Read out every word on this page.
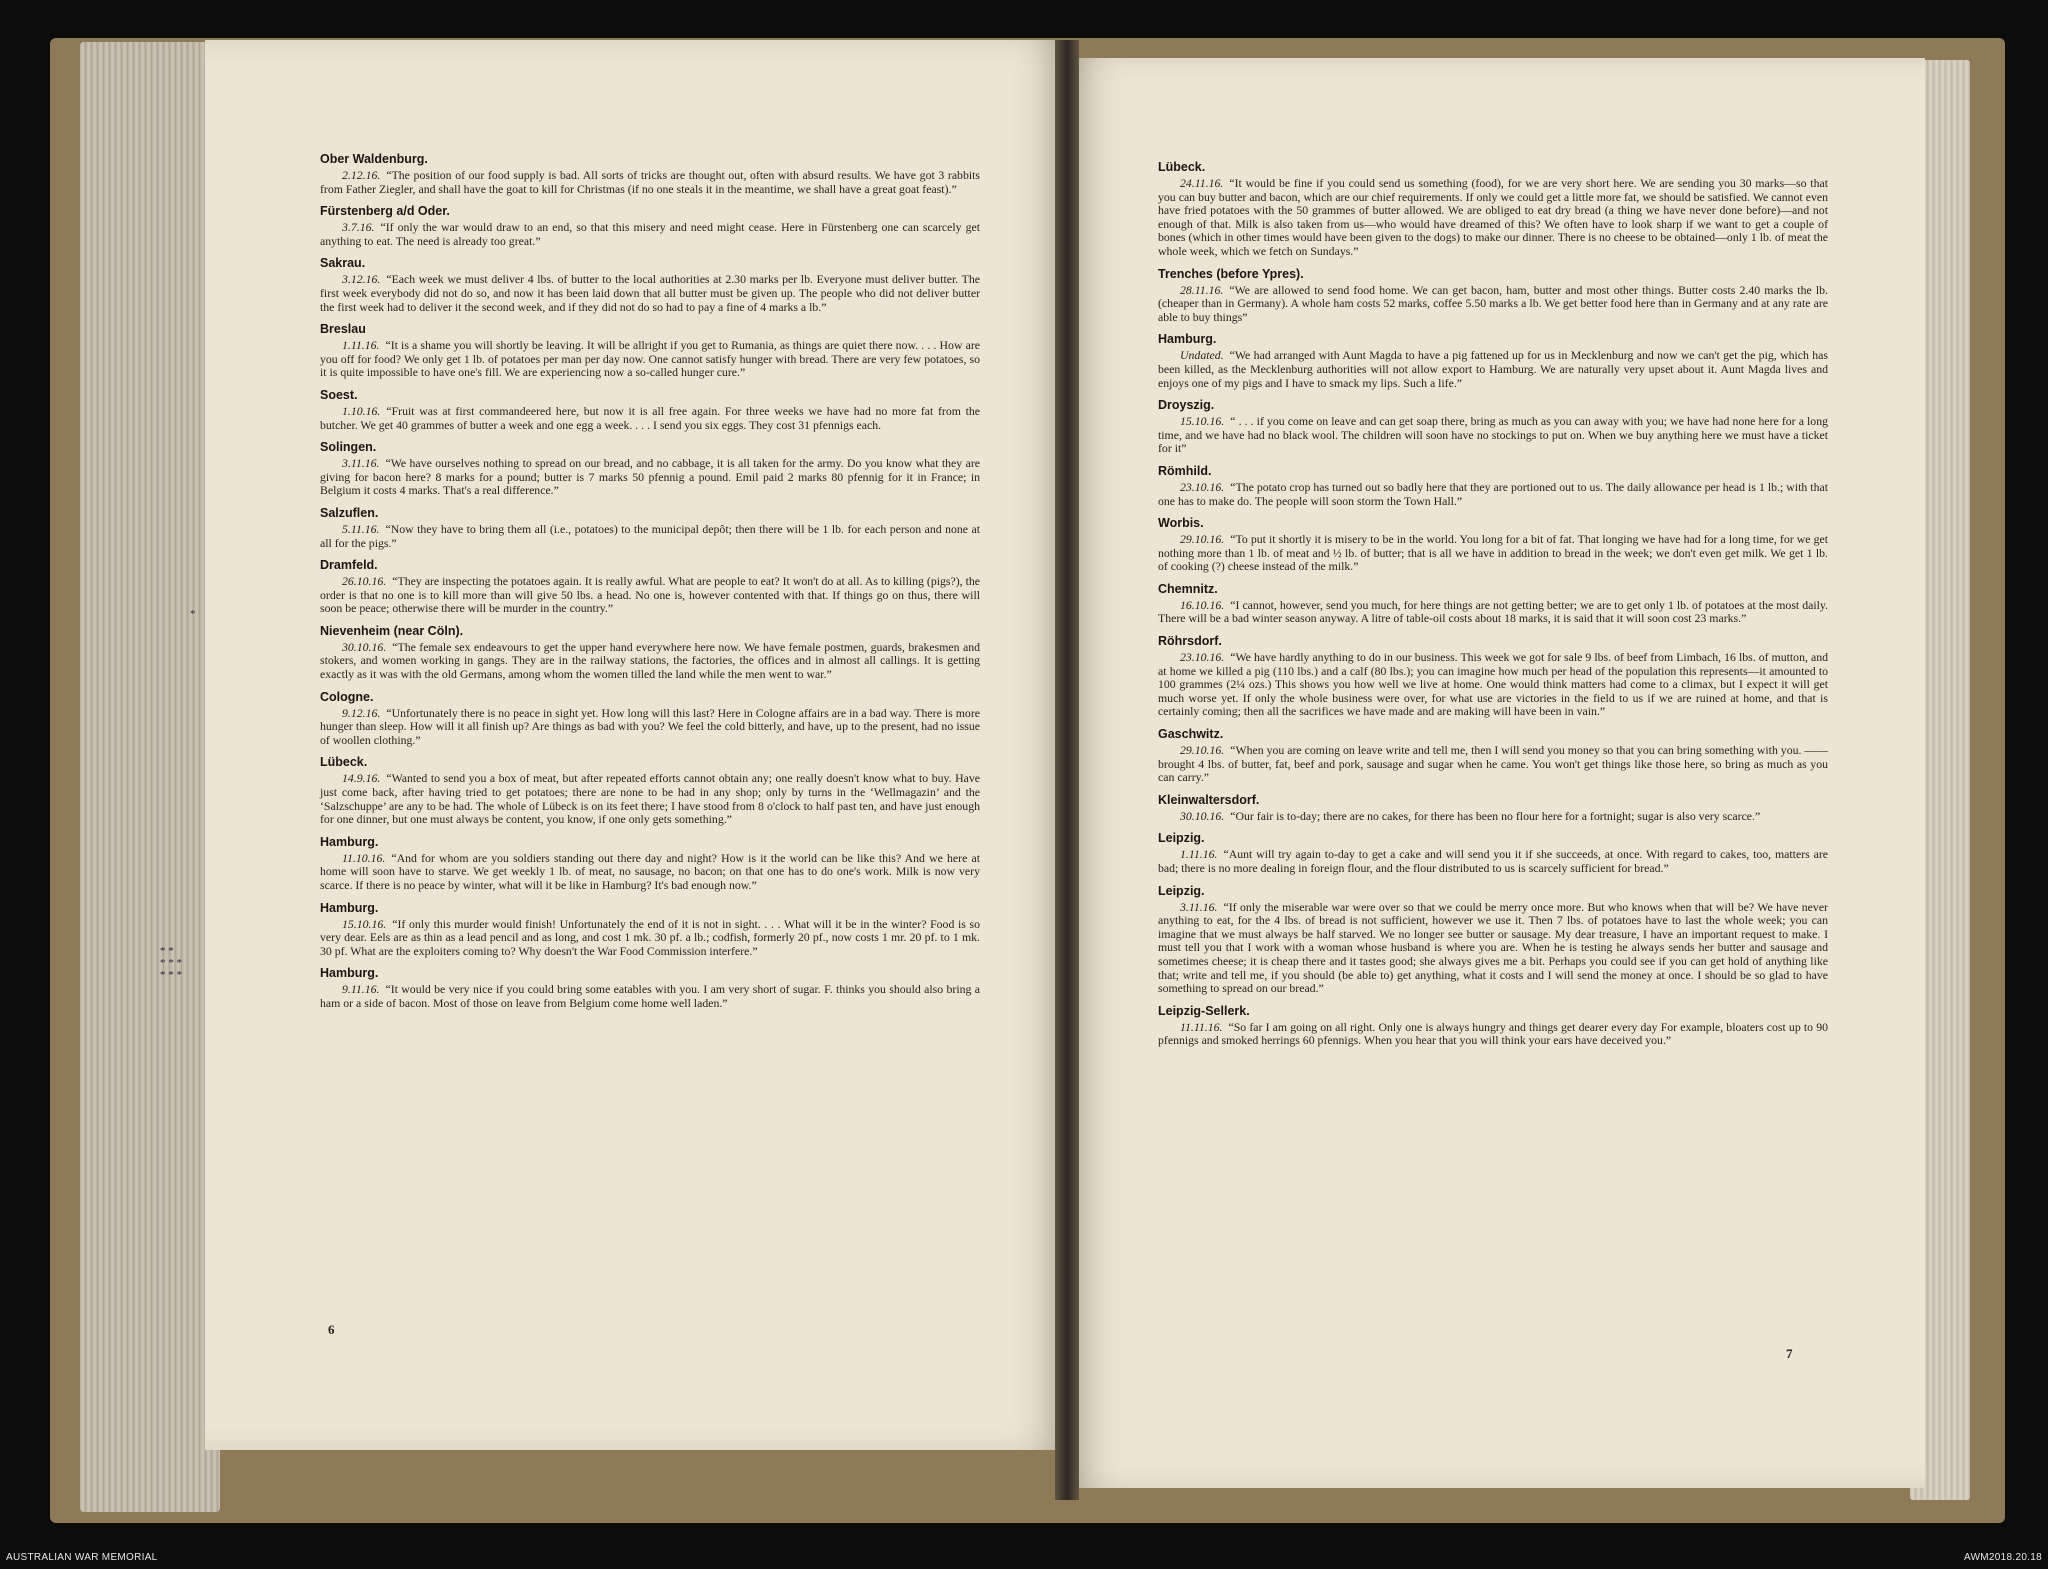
*
* *
* * *
* * *
Ober Waldenburg.

2.12.16. “The position of our food supply is bad. All sorts of tricks are thought out, often with absurd results. We have got 3 rabbits from Father Ziegler, and shall have the goat to kill for Christmas (if no one steals it in the meantime, we shall have a great goat feast).”

Fürstenberg a/d Oder.

3.7.16. “If only the war would draw to an end, so that this misery and need might cease. Here in Fürstenberg one can scarcely get anything to eat. The need is already too great.”

Sakrau.

3.12.16. “Each week we must deliver 4 lbs. of butter to the local authorities at 2.30 marks per lb. Everyone must deliver butter. The first week everybody did not do so, and now it has been laid down that all butter must be given up. The people who did not deliver butter the first week had to deliver it the second week, and if they did not do so had to pay a fine of 4 marks a lb.”

Breslau

1.11.16. “It is a shame you will shortly be leaving. It will be allright if you get to Rumania, as things are quiet there now. . . . How are you off for food? We only get 1 lb. of potatoes per man per day now. One cannot satisfy hunger with bread. There are very few potatoes, so it is quite impossible to have one's fill. We are experiencing now a so-called hunger cure.”

Soest.

1.10.16. “Fruit was at first commandeered here, but now it is all free again. For three weeks we have had no more fat from the butcher. We get 40 grammes of butter a week and one egg a week. . . . I send you six eggs. They cost 31 pfennigs each.

Solingen.

3.11.16. “We have ourselves nothing to spread on our bread, and no cabbage, it is all taken for the army. Do you know what they are giving for bacon here? 8 marks for a pound; butter is 7 marks 50 pfennig a pound. Emil paid 2 marks 80 pfennig for it in France; in Belgium it costs 4 marks. That's a real difference.”

Salzuflen.

5.11.16. “Now they have to bring them all (i.e., potatoes) to the municipal depôt; then there will be 1 lb. for each person and none at all for the pigs.”

Dramfeld.

26.10.16. “They are inspecting the potatoes again. It is really awful. What are people to eat? It won't do at all. As to killing (pigs?), the order is that no one is to kill more than will give 50 lbs. a head. No one is, however contented with that. If things go on thus, there will soon be peace; otherwise there will be murder in the country.”

Nievenheim (near Cöln).

30.10.16. “The female sex endeavours to get the upper hand everywhere here now. We have female postmen, guards, brakesmen and stokers, and women working in gangs. They are in the railway stations, the factories, the offices and in almost all callings. It is getting exactly as it was with the old Germans, among whom the women tilled the land while the men went to war.”

Cologne.

9.12.16. “Unfortunately there is no peace in sight yet. How long will this last? Here in Cologne affairs are in a bad way. There is more hunger than sleep. How will it all finish up? Are things as bad with you? We feel the cold bitterly, and have, up to the present, had no issue of woollen clothing.”

Lübeck.

14.9.16. “Wanted to send you a box of meat, but after repeated efforts cannot obtain any; one really doesn't know what to buy. Have just come back, after having tried to get potatoes; there are none to be had in any shop; only by turns in the ‘Wellmagazin’ and the ‘Salzschuppe’ are any to be had. The whole of Lübeck is on its feet there; I have stood from 8 o'clock to half past ten, and have just enough for one dinner, but one must always be content, you know, if one only gets something.”

Hamburg.

11.10.16. “And for whom are you soldiers standing out there day and night? How is it the world can be like this? And we here at home will soon have to starve. We get weekly 1 lb. of meat, no sausage, no bacon; on that one has to do one's work. Milk is now very scarce. If there is no peace by winter, what will it be like in Hamburg? It's bad enough now.”

Hamburg.

15.10.16. “If only this murder would finish! Unfortunately the end of it is not in sight. . . . What will it be in the winter? Food is so very dear. Eels are as thin as a lead pencil and as long, and cost 1 mk. 30 pf. a lb.; codfish, formerly 20 pf., now costs 1 mr. 20 pf. to 1 mk. 30 pf. What are the exploiters coming to? Why doesn't the War Food Commission interfere.”

Hamburg.

9.11.16. “It would be very nice if you could bring some eatables with you. I am very short of sugar. F. thinks you should also bring a ham or a side of bacon. Most of those on leave from Belgium come home well laden.”

Lübeck.

24.11.16. “It would be fine if you could send us something (food), for we are very short here. We are sending you 30 marks—so that you can buy butter and bacon, which are our chief requirements. If only we could get a little more fat, we should be satisfied. We cannot even have fried potatoes with the 50 grammes of butter allowed. We are obliged to eat dry bread (a thing we have never done before)—and not enough of that. Milk is also taken from us—who would have dreamed of this? We often have to look sharp if we want to get a couple of bones (which in other times would have been given to the dogs) to make our dinner. There is no cheese to be obtained—only 1 lb. of meat the whole week, which we fetch on Sundays.”

Trenches (before Ypres).

28.11.16. “We are allowed to send food home. We can get bacon, ham, butter and most other things. Butter costs 2.40 marks the lb. (cheaper than in Germany). A whole ham costs 52 marks, coffee 5.50 marks a lb. We get better food here than in Germany and at any rate are able to buy things”

Hamburg.

Undated. “We had arranged with Aunt Magda to have a pig fattened up for us in Mecklenburg and now we can't get the pig, which has been killed, as the Mecklenburg authorities will not allow export to Hamburg. We are naturally very upset about it. Aunt Magda lives and enjoys one of my pigs and I have to smack my lips. Such a life.”

Droyszig.

15.10.16. “ . . . if you come on leave and can get soap there, bring as much as you can away with you; we have had none here for a long time, and we have had no black wool. The children will soon have no stockings to put on. When we buy anything here we must have a ticket for it”

Römhild.

23.10.16. “The potato crop has turned out so badly here that they are portioned out to us. The daily allowance per head is 1 lb.; with that one has to make do. The people will soon storm the Town Hall.”

Worbis.

29.10.16. “To put it shortly it is misery to be in the world. You long for a bit of fat. That longing we have had for a long time, for we get nothing more than 1 lb. of meat and ½ lb. of butter; that is all we have in addition to bread in the week; we don't even get milk. We get 1 lb. of cooking (?) cheese instead of the milk.”

Chemnitz.

16.10.16. “I cannot, however, send you much, for here things are not getting better; we are to get only 1 lb. of potatoes at the most daily. There will be a bad winter season anyway. A litre of table-oil costs about 18 marks, it is said that it will soon cost 23 marks.”

Röhrsdorf.

23.10.16. “We have hardly anything to do in our business. This week we got for sale 9 lbs. of beef from Limbach, 16 lbs. of mutton, and at home we killed a pig (110 lbs.) and a calf (80 lbs.); you can imagine how much per head of the population this represents—it amounted to 100 grammes (2¼ ozs.) This shows you how well we live at home. One would think matters had come to a climax, but I expect it will get much worse yet. If only the whole business were over, for what use are victories in the field to us if we are ruined at home, and that is certainly coming; then all the sacrifices we have made and are making will have been in vain.”

Gaschwitz.

29.10.16. “When you are coming on leave write and tell me, then I will send you money so that you can bring something with you. —— brought 4 lbs. of butter, fat, beef and pork, sausage and sugar when he came. You won't get things like those here, so bring as much as you can carry.”

Kleinwaltersdorf.

30.10.16. “Our fair is to-day; there are no cakes, for there has been no flour here for a fortnight; sugar is also very scarce.”

Leipzig.

1.11.16. “Aunt will try again to-day to get a cake and will send you it if she succeeds, at once. With regard to cakes, too, matters are bad; there is no more dealing in foreign flour, and the flour distributed to us is scarcely sufficient for bread.”

Leipzig.

3.11.16. “If only the miserable war were over so that we could be merry once more. But who knows when that will be? We have never anything to eat, for the 4 lbs. of bread is not sufficient, however we use it. Then 7 lbs. of potatoes have to last the whole week; you can imagine that we must always be half starved. We no longer see butter or sausage. My dear treasure, I have an important request to make. I must tell you that I work with a woman whose husband is where you are. When he is testing he always sends her butter and sausage and sometimes cheese; it is cheap there and it tastes good; she always gives me a bit. Perhaps you could see if you can get hold of anything like that; write and tell me, if you should (be able to) get anything, what it costs and I will send the money at once. I should be so glad to have something to spread on our bread.”

Leipzig-Sellerk.

11.11.16. “So far I am going on all right. Only one is always hungry and things get dearer every day For example, bloaters cost up to 90 pfennigs and smoked herrings 60 pfennigs. When you hear that you will think your ears have deceived you.”

6
7
AUSTRALIAN WAR MEMORIAL	AWM2018.20.18
